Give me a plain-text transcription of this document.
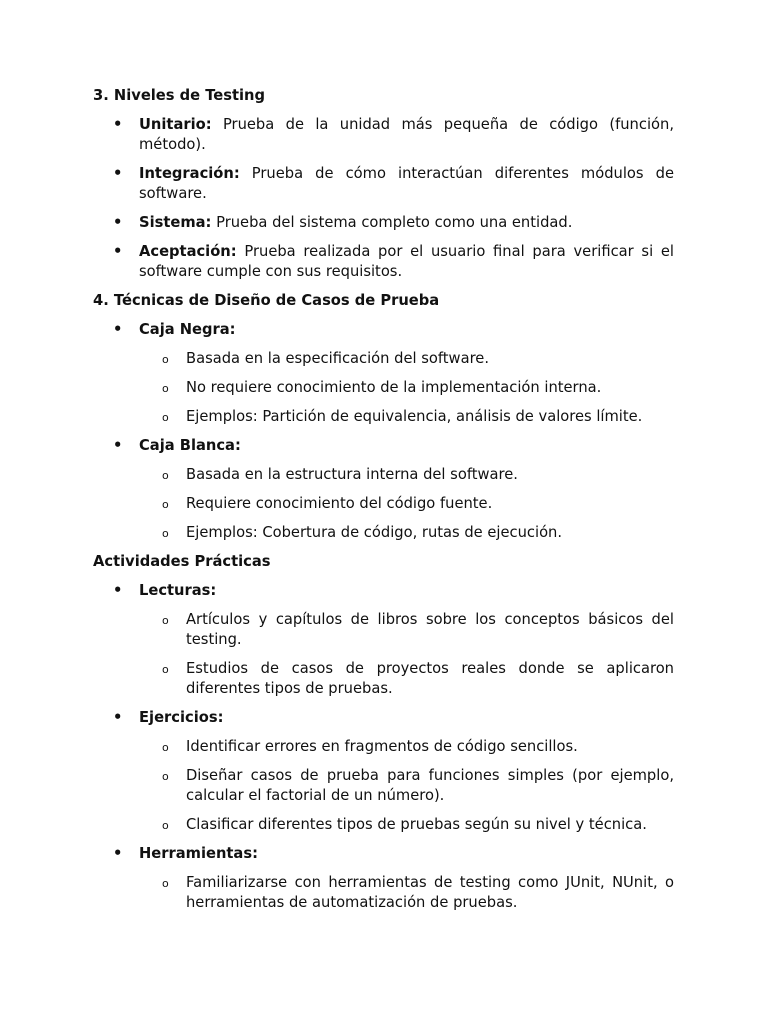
3. Niveles de Testing
• Unitario: Prueba de la unidad más pequeña de código (función, método).
• Integración: Prueba de cómo interactúan diferentes módulos de software.
• Sistema: Prueba del sistema completo como una entidad.
• Aceptación: Prueba realizada por el usuario final para verificar si el software cumple con sus requisitos.
4. Técnicas de Diseño de Casos de Prueba
• Caja Negra:
o Basada en la especificación del software.
o No requiere conocimiento de la implementación interna.
o Ejemplos: Partición de equivalencia, análisis de valores límite.
• Caja Blanca:
o Basada en la estructura interna del software.
o Requiere conocimiento del código fuente.
o Ejemplos: Cobertura de código, rutas de ejecución.
Actividades Prácticas
• Lecturas:
o Artículos y capítulos de libros sobre los conceptos básicos del testing.
o Estudios de casos de proyectos reales donde se aplicaron diferentes tipos de pruebas.
• Ejercicios:
o Identificar errores en fragmentos de código sencillos.
o Diseñar casos de prueba para funciones simples (por ejemplo, calcular el factorial de un número).
o Clasificar diferentes tipos de pruebas según su nivel y técnica.
• Herramientas:
o Familiarizarse con herramientas de testing como JUnit, NUnit, o herramientas de automatización de pruebas.
